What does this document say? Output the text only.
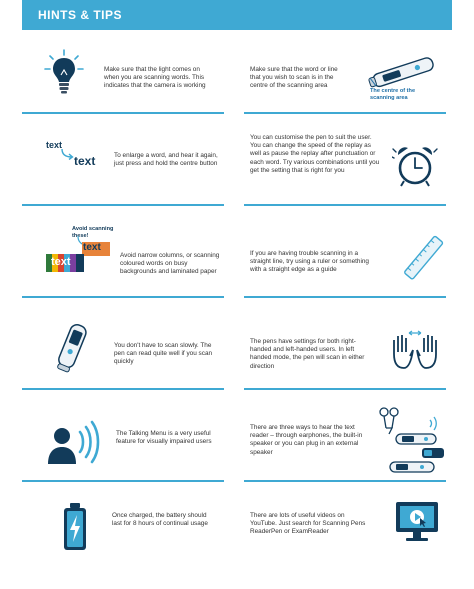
HINTS & TIPS
Make sure that the light comes on when you are scanning words. This indicates that the camera is working
Make sure that the word or line that you wish to scan is in the centre of the scanning area
The centre of the scanning area
text
text	To enlarge a word, and hear it again, just press and hold the centre button
You can customise the pen to suit the user. You can change the speed of the replay as well as pause the replay after punctuation or each word. Try various combinations until you get the setting that is right for you
Avoid scanning these!
text
text
Avoid narrow columns, or scanning coloured words on busy backgrounds and laminated paper
If you are having trouble scanning in a straight line, try using a ruler or something with a straight edge as a guide
You don't have to scan slowly. The pen can read quite well if you scan quickly
The pens have settings for both right-handed and left-handed users. In left handed mode, the pen will scan in either direction
The Talking Menu is a very useful feature for visually impaired users
There are three ways to hear the text reader – through earphones, the built-in speaker or you can plug in an external speaker
Once charged, the battery should last for 8 hours of continual usage
There are lots of useful videos on YouTube. Just search for Scanning Pens ReaderPen or ExamReader
